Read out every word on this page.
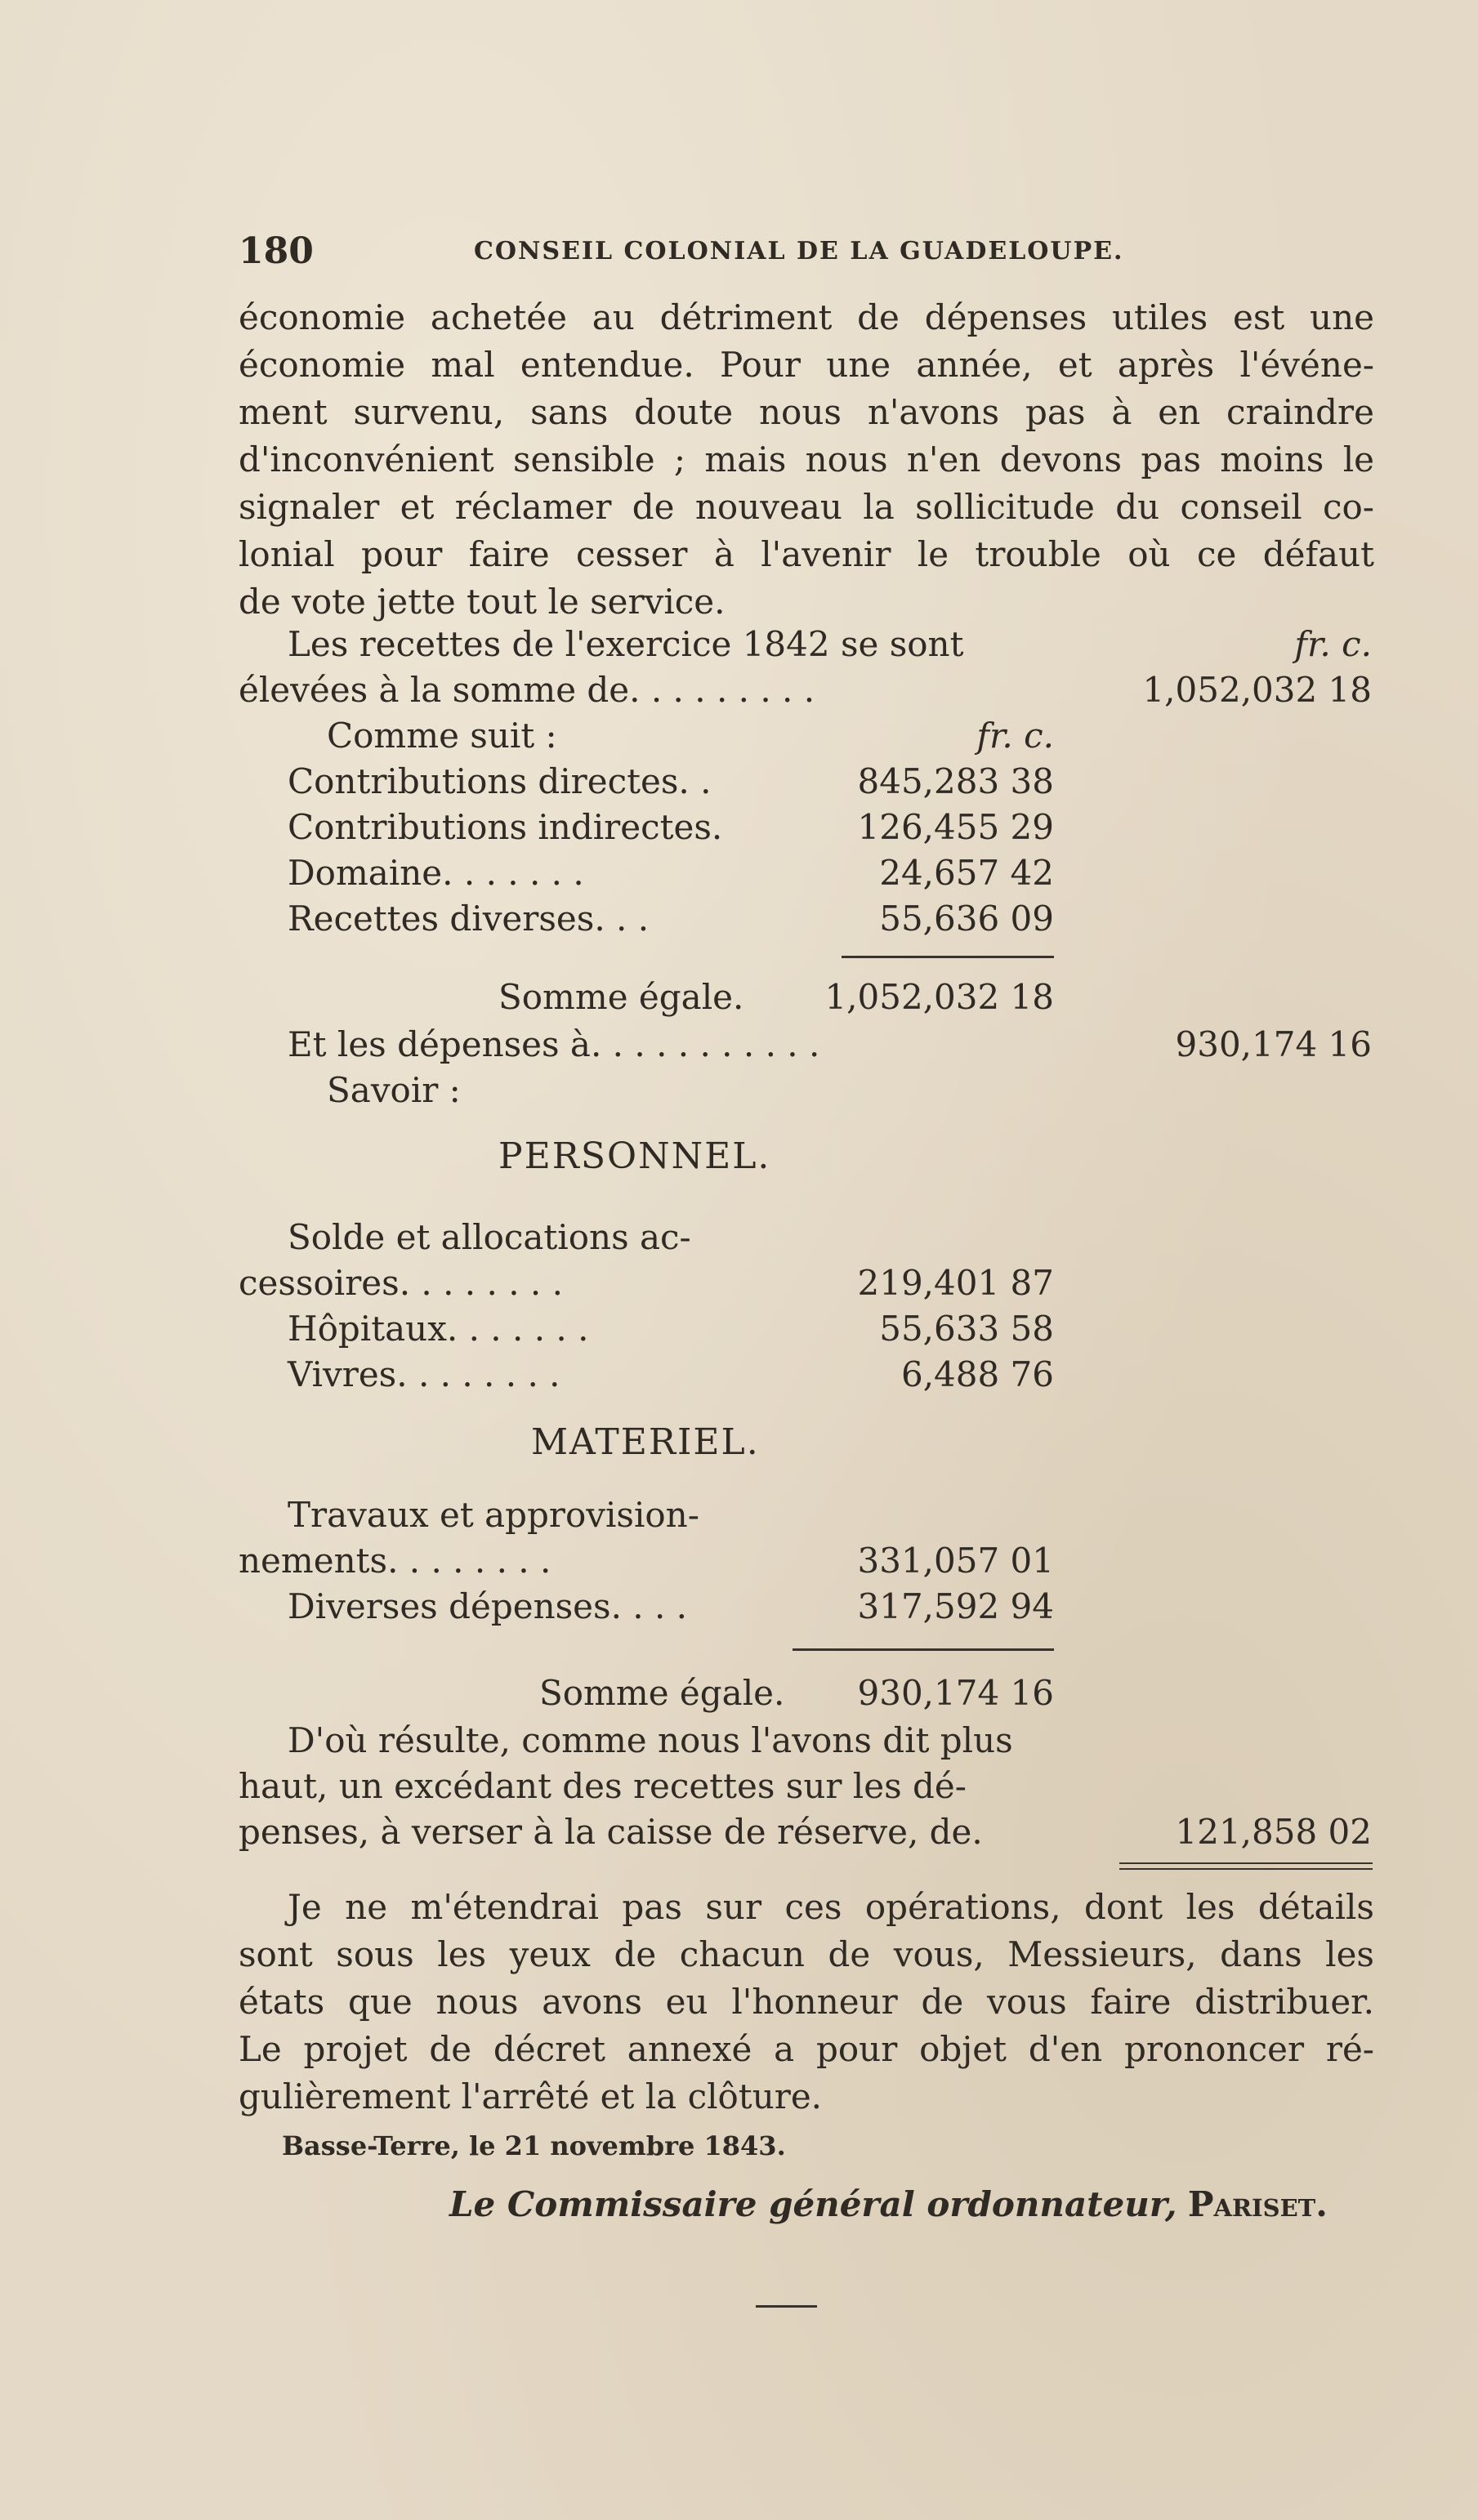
180	CONSEIL COLONIAL DE LA GUADELOUPE.
économie achetée au détriment de dépenses utiles est une
économie mal entendue. Pour une année, et après l'événe-
ment survenu, sans doute nous n'avons pas à en craindre
d'inconvénient sensible ; mais nous n'en devons pas moins le
signaler et réclamer de nouveau la sollicitude du conseil co-
lonial pour faire cesser à l'avenir le trouble où ce défaut
de vote jette tout le service.
Les recettes de l'exercice 1842 se sont	fr. c.
élevées à la somme de. . . . . . . . .	1,052,032 18
Comme suit :	fr. c.
Contributions directes. .	845,283 38
Contributions indirectes.	126,455 29
Domaine. . . . . . .	24,657 42
Recettes diverses. . .	55,636 09
Somme égale.	1,052,032 18
Et les dépenses à. . . . . . . . . . .	930,174 16
Savoir :
PERSONNEL.
Solde et allocations ac-
cessoires. . . . . . . .	219,401 87
Hôpitaux. . . . . . .	55,633 58
Vivres. . . . . . . .	6,488 76
MATERIEL.
Travaux et approvision-
nements. . . . . . . .	331,057 01
Diverses dépenses. . . .	317,592 94
Somme égale.	930,174 16
D'où résulte, comme nous l'avons dit plus
haut, un excédant des recettes sur les dé-
penses, à verser à la caisse de réserve, de.	121,858 02
Je ne m'étendrai pas sur ces opérations, dont les détails
sont sous les yeux de chacun de vous, Messieurs, dans les
états que nous avons eu l'honneur de vous faire distribuer.
Le projet de décret annexé a pour objet d'en prononcer ré-
gulièrement l'arrêté et la clôture.
Basse-Terre, le 21 novembre 1843.
Le Commissaire général ordonnateur, Pariset.
